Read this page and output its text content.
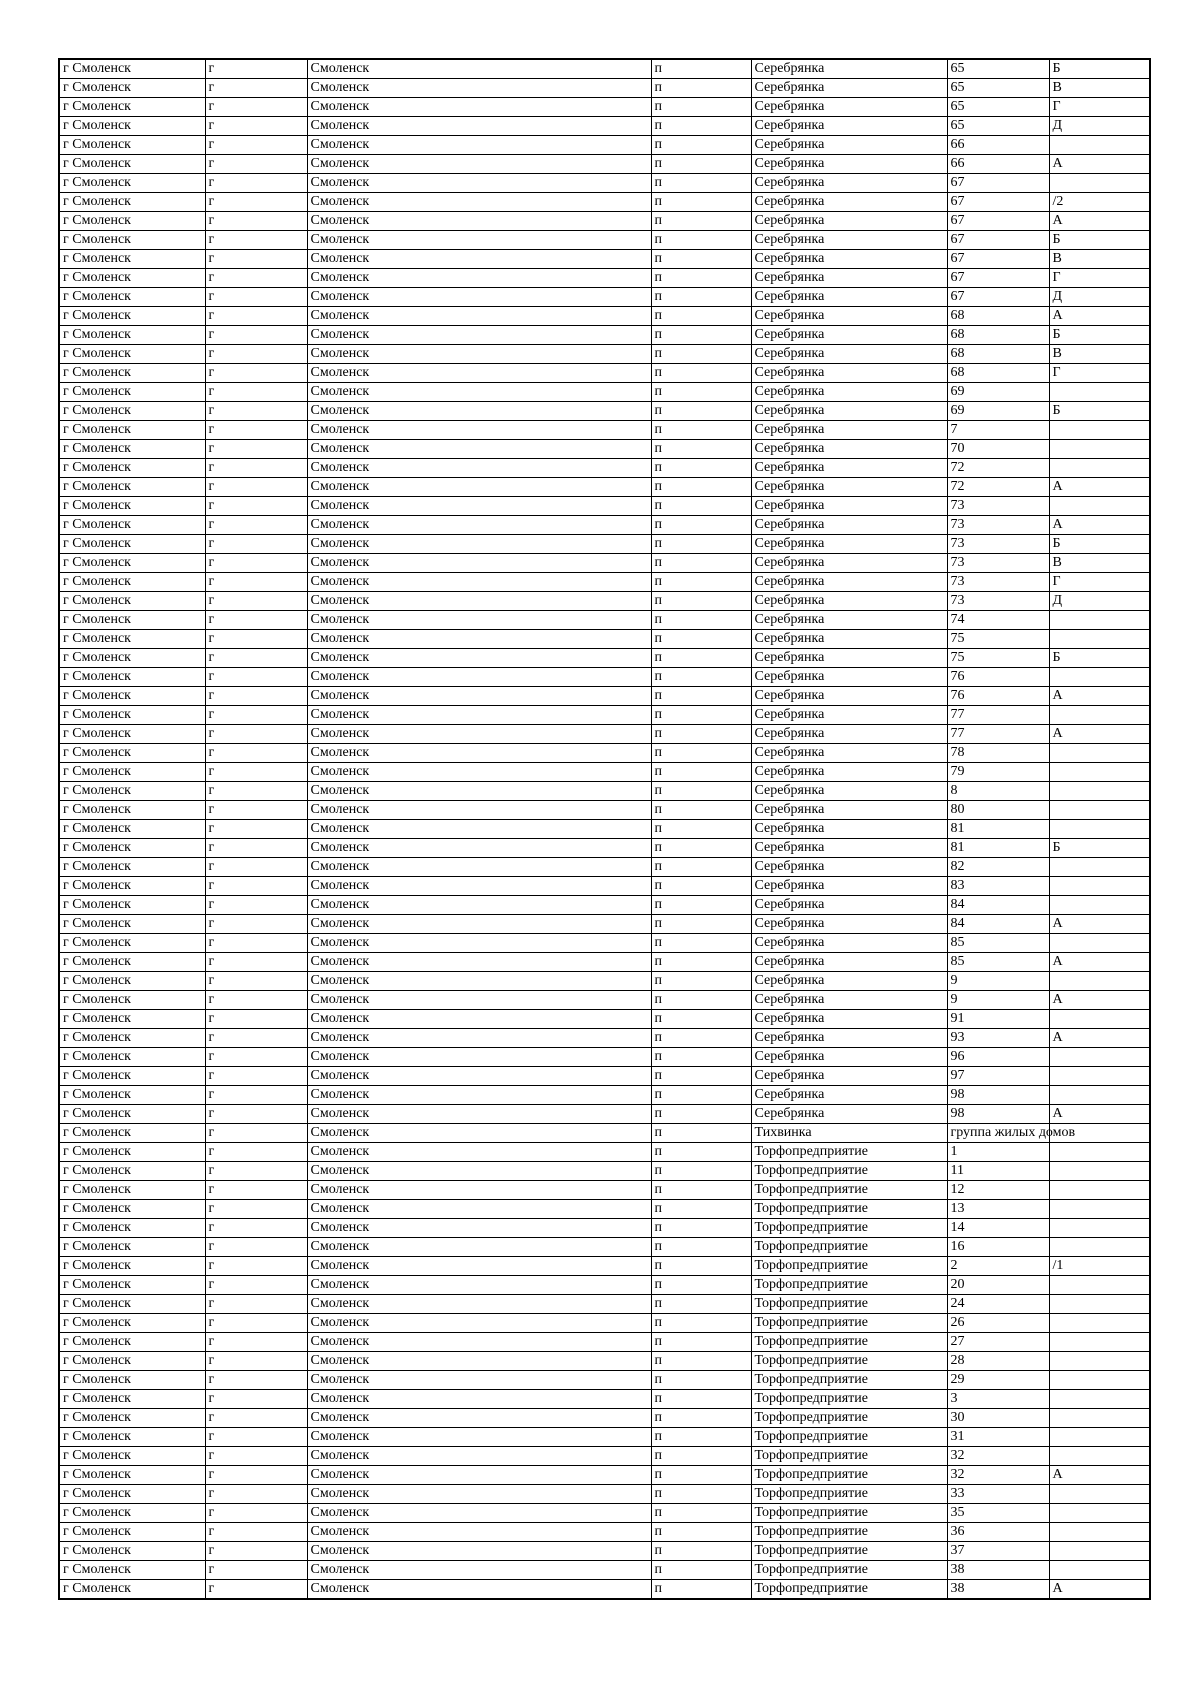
г Смоленск	г	Смоленск	п	Серебрянка	65	Б
г Смоленск	г	Смоленск	п	Серебрянка	65	В
г Смоленск	г	Смоленск	п	Серебрянка	65	Г
г Смоленск	г	Смоленск	п	Серебрянка	65	Д
г Смоленск	г	Смоленск	п	Серебрянка	66	
г Смоленск	г	Смоленск	п	Серебрянка	66	А
г Смоленск	г	Смоленск	п	Серебрянка	67	
г Смоленск	г	Смоленск	п	Серебрянка	67	/2
г Смоленск	г	Смоленск	п	Серебрянка	67	А
г Смоленск	г	Смоленск	п	Серебрянка	67	Б
г Смоленск	г	Смоленск	п	Серебрянка	67	В
г Смоленск	г	Смоленск	п	Серебрянка	67	Г
г Смоленск	г	Смоленск	п	Серебрянка	67	Д
г Смоленск	г	Смоленск	п	Серебрянка	68	А
г Смоленск	г	Смоленск	п	Серебрянка	68	Б
г Смоленск	г	Смоленск	п	Серебрянка	68	В
г Смоленск	г	Смоленск	п	Серебрянка	68	Г
г Смоленск	г	Смоленск	п	Серебрянка	69	
г Смоленск	г	Смоленск	п	Серебрянка	69	Б
г Смоленск	г	Смоленск	п	Серебрянка	7	
г Смоленск	г	Смоленск	п	Серебрянка	70	
г Смоленск	г	Смоленск	п	Серебрянка	72	
г Смоленск	г	Смоленск	п	Серебрянка	72	А
г Смоленск	г	Смоленск	п	Серебрянка	73	
г Смоленск	г	Смоленск	п	Серебрянка	73	А
г Смоленск	г	Смоленск	п	Серебрянка	73	Б
г Смоленск	г	Смоленск	п	Серебрянка	73	В
г Смоленск	г	Смоленск	п	Серебрянка	73	Г
г Смоленск	г	Смоленск	п	Серебрянка	73	Д
г Смоленск	г	Смоленск	п	Серебрянка	74	
г Смоленск	г	Смоленск	п	Серебрянка	75	
г Смоленск	г	Смоленск	п	Серебрянка	75	Б
г Смоленск	г	Смоленск	п	Серебрянка	76	
г Смоленск	г	Смоленск	п	Серебрянка	76	А
г Смоленск	г	Смоленск	п	Серебрянка	77	
г Смоленск	г	Смоленск	п	Серебрянка	77	А
г Смоленск	г	Смоленск	п	Серебрянка	78	
г Смоленск	г	Смоленск	п	Серебрянка	79	
г Смоленск	г	Смоленск	п	Серебрянка	8	
г Смоленск	г	Смоленск	п	Серебрянка	80	
г Смоленск	г	Смоленск	п	Серебрянка	81	
г Смоленск	г	Смоленск	п	Серебрянка	81	Б
г Смоленск	г	Смоленск	п	Серебрянка	82	
г Смоленск	г	Смоленск	п	Серебрянка	83	
г Смоленск	г	Смоленск	п	Серебрянка	84	
г Смоленск	г	Смоленск	п	Серебрянка	84	А
г Смоленск	г	Смоленск	п	Серебрянка	85	
г Смоленск	г	Смоленск	п	Серебрянка	85	А
г Смоленск	г	Смоленск	п	Серебрянка	9	
г Смоленск	г	Смоленск	п	Серебрянка	9	А
г Смоленск	г	Смоленск	п	Серебрянка	91	
г Смоленск	г	Смоленск	п	Серебрянка	93	А
г Смоленск	г	Смоленск	п	Серебрянка	96	
г Смоленск	г	Смоленск	п	Серебрянка	97	
г Смоленск	г	Смоленск	п	Серебрянка	98	
г Смоленск	г	Смоленск	п	Серебрянка	98	А
г Смоленск	г	Смоленск	п	Тихвинка	группа жилых домов	
г Смоленск	г	Смоленск	п	Торфопредприятие	1	
г Смоленск	г	Смоленск	п	Торфопредприятие	11	
г Смоленск	г	Смоленск	п	Торфопредприятие	12	
г Смоленск	г	Смоленск	п	Торфопредприятие	13	
г Смоленск	г	Смоленск	п	Торфопредприятие	14	
г Смоленск	г	Смоленск	п	Торфопредприятие	16	
г Смоленск	г	Смоленск	п	Торфопредприятие	2	/1
г Смоленск	г	Смоленск	п	Торфопредприятие	20	
г Смоленск	г	Смоленск	п	Торфопредприятие	24	
г Смоленск	г	Смоленск	п	Торфопредприятие	26	
г Смоленск	г	Смоленск	п	Торфопредприятие	27	
г Смоленск	г	Смоленск	п	Торфопредприятие	28	
г Смоленск	г	Смоленск	п	Торфопредприятие	29	
г Смоленск	г	Смоленск	п	Торфопредприятие	3	
г Смоленск	г	Смоленск	п	Торфопредприятие	30	
г Смоленск	г	Смоленск	п	Торфопредприятие	31	
г Смоленск	г	Смоленск	п	Торфопредприятие	32	
г Смоленск	г	Смоленск	п	Торфопредприятие	32	А
г Смоленск	г	Смоленск	п	Торфопредприятие	33	
г Смоленск	г	Смоленск	п	Торфопредприятие	35	
г Смоленск	г	Смоленск	п	Торфопредприятие	36	
г Смоленск	г	Смоленск	п	Торфопредприятие	37	
г Смоленск	г	Смоленск	п	Торфопредприятие	38	
г Смоленск	г	Смоленск	п	Торфопредприятие	38	А
